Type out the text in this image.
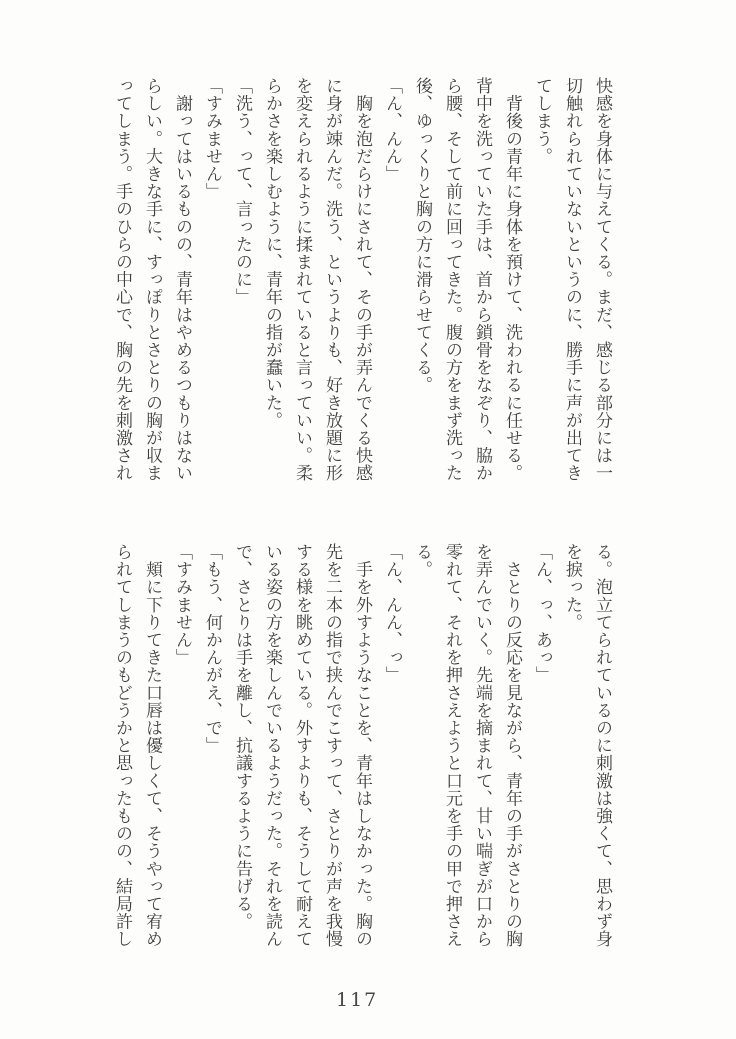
快感を身体に与えてくる。まだ、感じる部分には一
切触れられていないというのに、勝手に声が出てき
てしまう。
　背後の青年に身体を預けて、洗われるに任せる。
背中を洗っていた手は、首から鎖骨をなぞり、脇か
ら腰、そして前に回ってきた。腹の方をまず洗った
後、ゆっくりと胸の方に滑らせてくる。
「ん、んん」
　胸を泡だらけにされて、その手が弄んでくる快感
に身が竦んだ。洗う、というよりも、好き放題に形
を変えられるように揉まれていると言っていい。柔
らかさを楽しむように、青年の指が蠢いた。
「洗う、って、言ったのに」
「すみません」
　謝ってはいるものの、青年はやめるつもりはない
らしい。大きな手に、すっぽりとさとりの胸が収ま
ってしまう。手のひらの中心で、胸の先を刺激され
る。泡立てられているのに刺激は強くて、思わず身
を捩った。
「ん、っ、あっ」
　さとりの反応を見ながら、青年の手がさとりの胸
を弄んでいく。先端を摘まれて、甘い喘ぎが口から
零れて、それを押さえようと口元を手の甲で押さえ
る。
「ん、んん、っ」
　手を外すようなことを、青年はしなかった。胸の
先を二本の指で挟んでこすって、さとりが声を我慢
する様を眺めている。外すよりも、そうして耐えて
いる姿の方を楽しんでいるようだった。それを読ん
で、さとりは手を離し、抗議するように告げる。
「もう、何かんがえ、で」
「すみません」
　頬に下りてきた口唇は優しくて、そうやって宥め
られてしまうのもどうかと思ったものの、結局許し
117
